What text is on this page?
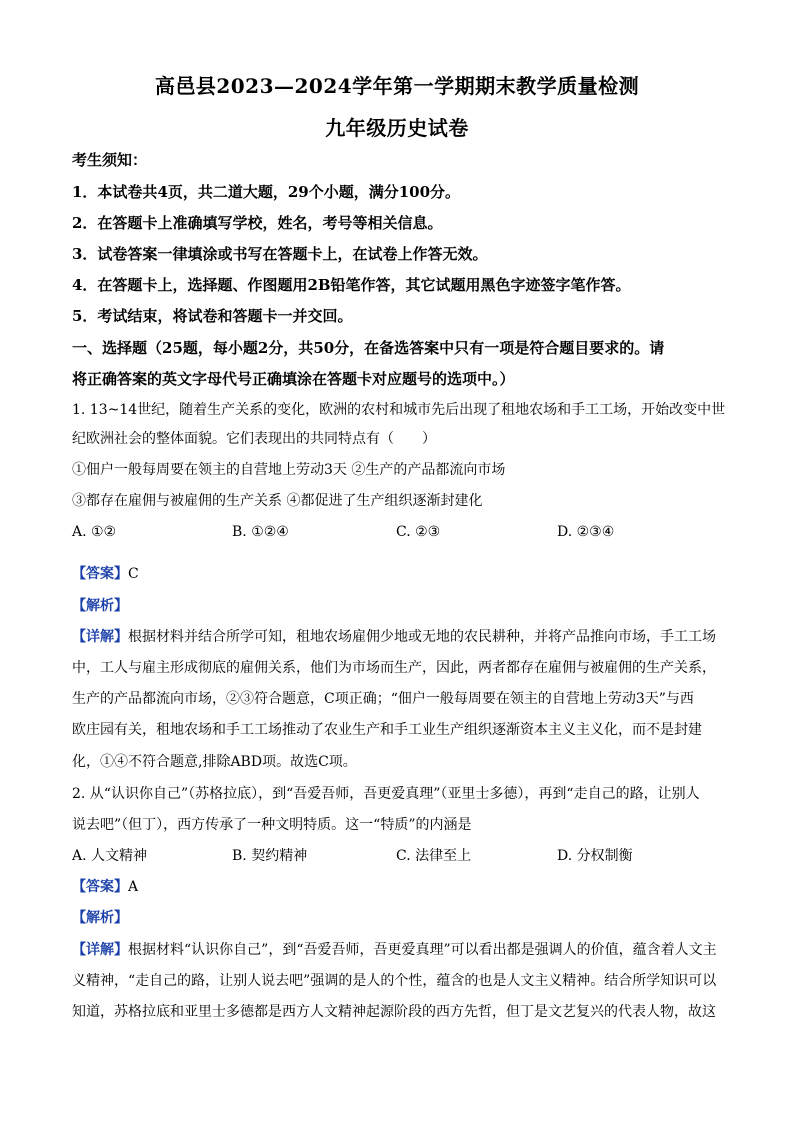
高邑县2023—2024学年第一学期期末教学质量检测
九年级历史试卷
考生须知：
1．本试卷共4页，共二道大题，29个小题，满分100分。
2．在答题卡上准确填写学校，姓名，考号等相关信息。
3．试卷答案一律填涂或书写在答题卡上，在试卷上作答无效。
4．在答题卡上，选择题、作图题用2B铅笔作答，其它试题用黑色字迹签字笔作答。
5．考试结束，将试卷和答题卡一并交回。
一、选择题（25题，每小题2分，共50分，在备选答案中只有一项是符合题目要求的。请
将正确答案的英文字母代号正确填涂在答题卡对应题号的选项中。）
1. 13~14世纪，随着生产关系的变化，欧洲的农村和城市先后出现了租地农场和手工工场，开始改变中世
纪欧洲社会的整体面貌。它们表现出的共同特点有（　　）
①佃户一般每周要在领主的自营地上劳动3天 ②生产的产品都流向市场
③都存在雇佣与被雇佣的生产关系 ④都促进了生产组织逐渐封建化
A. ①②	B. ①②④	C. ②③	D. ②③④
【答案】C
【解析】
【详解】根据材料并结合所学可知，租地农场雇佣少地或无地的农民耕种，并将产品推向市场，手工工场
中，工人与雇主形成彻底的雇佣关系，他们为市场而生产，因此，两者都存在雇佣与被雇佣的生产关系，
生产的产品都流向市场，②③符合题意，C项正确；“佃户一般每周要在领主的自营地上劳动3天”与西
欧庄园有关，租地农场和手工工场推动了农业生产和手工业生产组织逐渐资本主义主义化，而不是封建
化，①④不符合题意,排除ABD项。故选C项。
2. 从“认识你自己”（苏格拉底），到“吾爱吾师，吾更爱真理”（亚里士多德），再到“走自己的路，让别人
说去吧”（但丁），西方传承了一种文明特质。这一“特质”的内涵是
A. 人文精神	B. 契约精神	C. 法律至上	D. 分权制衡
【答案】A
【解析】
【详解】根据材料“认识你自己”，到“吾爱吾师，吾更爱真理”可以看出都是强调人的价值，蕴含着人文主
义精神，“走自己的路，让别人说去吧”强调的是人的个性，蕴含的也是人文主义精神。结合所学知识可以
知道，苏格拉底和亚里士多德都是西方人文精神起源阶段的西方先哲，但丁是文艺复兴的代表人物，故这
